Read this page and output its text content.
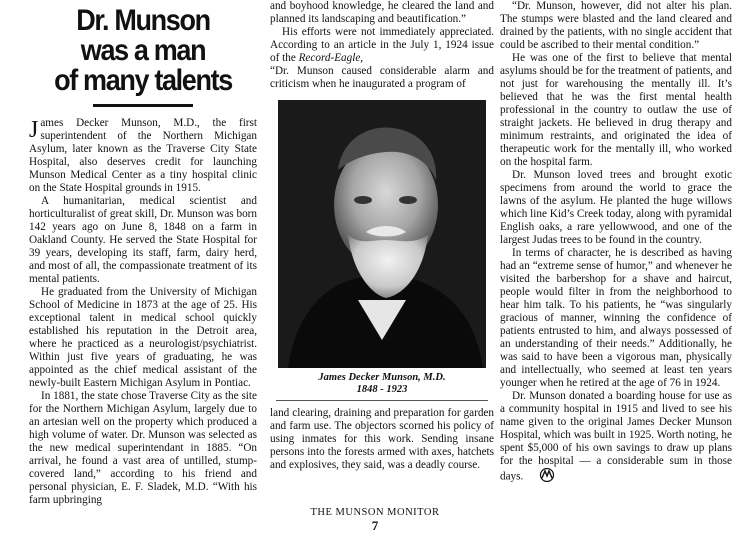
Dr. Munson
was a man
of many talents

James Decker Munson, M.D., the first superintendent of the Northern Michigan Asylum, later known as the Traverse City State Hospital, also deserves credit for launching Munson Medical Center as a tiny hospital clinic on the State Hospital grounds in 1915.

A humanitarian, medical scientist and horticulturalist of great skill, Dr. Munson was born 142 years ago on June 8, 1848 on a farm in Oakland County. He served the State Hospital for 39 years, developing its staff, farm, dairy herd, and most of all, the compassionate treatment of its mental patients.

He graduated from the University of Michigan School of Medicine in 1873 at the age of 25. His exceptional talent in medical school quickly established his reputation in the Detroit area, where he practiced as a neurologist/psychiatrist. Within just five years of graduating, he was appointed as the chief medical assistant of the newly-built Eastern Michigan Asylum in Pontiac.

In 1881, the state chose Traverse City as the site for the Northern Michigan Asylum, largely due to an artesian well on the property which produced a high volume of water. Dr. Munson was selected as the new medical superintendant in 1885. “On arrival, he found a vast area of untilled, stump-covered land,” according to his friend and personal physician, E. F. Sladek, M.D. “With his farm upbringing

and boyhood knowledge, he cleared the land and planned its landscaping and beautification.”

His efforts were not immediately appreciated. According to an article in the July 1, 1924 issue of the Record-Eagle,

“Dr. Munson caused considerable alarm and criticism when he inaugurated a program of

James Decker Munson, M.D.
1848 - 1923

land clearing, draining and preparation for garden and farm use. The objectors scorned his policy of using inmates for this work. Sending insane persons into the forests armed with axes, hatchets and explosives, they said, was a deadly course.

“Dr. Munson, however, did not alter his plan. The stumps were blasted and the land cleared and drained by the patients, with no single accident that could be ascribed to their mental condition.”

He was one of the first to believe that mental asylums should be for the treatment of patients, and not just for warehousing the mentally ill. It’s believed that he was the first mental health professional in the country to outlaw the use of straight jackets. He believed in drug therapy and minimum restraints, and originated the idea of therapeutic work for the mentally ill, who worked on the hospital farm.

Dr. Munson loved trees and brought exotic specimens from around the world to grace the lawns of the asylum. He planted the huge willows which line Kid’s Creek today, along with pyramidal English oaks, a rare yellowwood, and one of the largest Judas trees to be found in the country.

In terms of character, he is described as having had an “extreme sense of humor,” and whenever he visited the barbershop for a shave and haircut, people would filter in from the neighborhood to hear him talk. To his patients, he “was singularly gracious of manner, winning the confidence of patients entrusted to him, and always possessed of an understanding of their needs.” Additionally, he was said to have been a vigorous man, physically and intellectually, who seemed at least ten years younger when he retired at the age of 76 in 1924.

Dr. Munson donated a boarding house for use as a community hospital in 1915 and lived to see his name given to the original James Decker Munson Hospital, which was built in 1925. Worth noting, he spent $5,000 of his own savings to draw up plans for the hospital — a considerable sum in those days.

THE MUNSON MONITOR
7
